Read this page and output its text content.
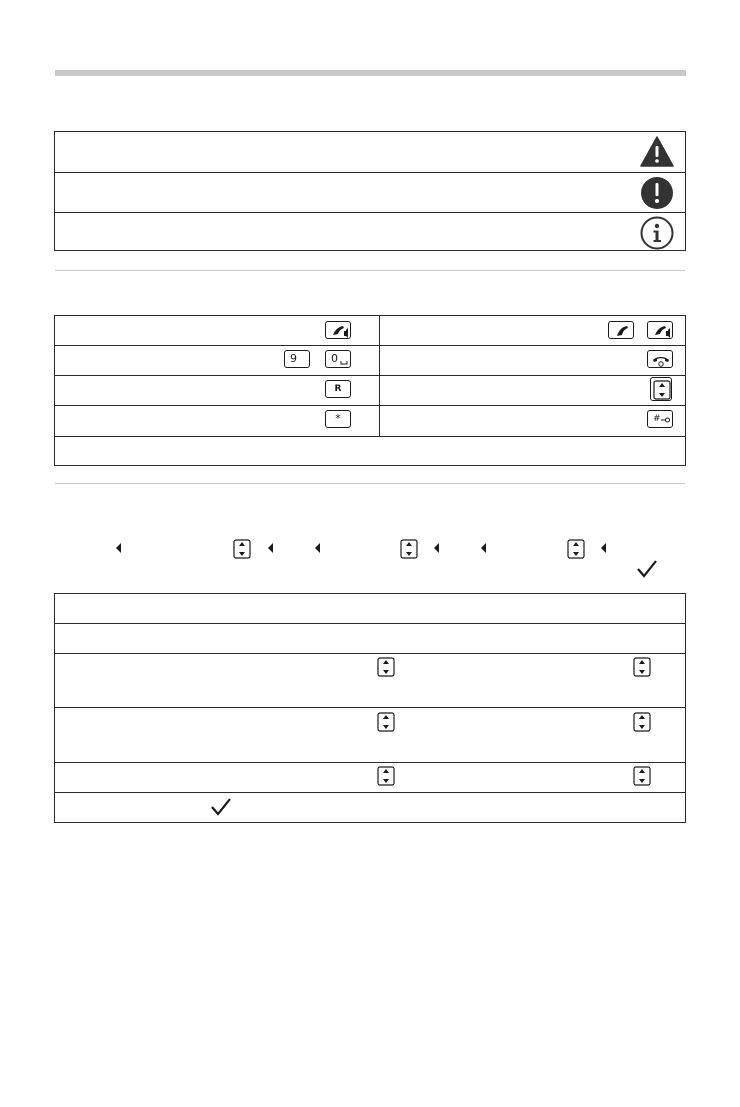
9	0
R
*	#
